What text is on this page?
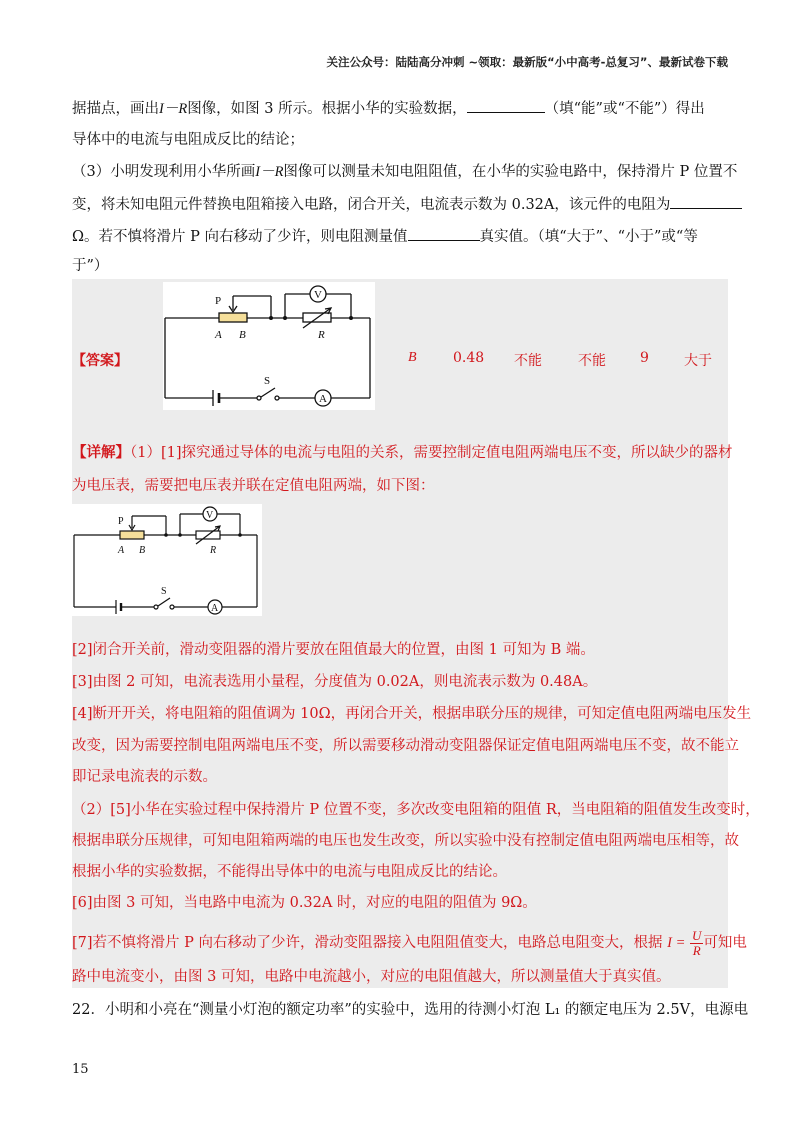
关注公众号：陆陆高分冲刺 ~领取：最新版“小中高考-总复习”、最新试卷下载
据描点，画出I－R图像，如图 3 所示。根据小华的实验数据，	（填“能”或“不能”）得出
导体中的电流与电阻成反比的结论；
（3）小明发现利用小华所画I－R图像可以测量未知电阻阻值，在小华的实验电路中，保持滑片 P 位置不
变，将未知电阻元件替换电阻箱接入电路，闭合开关，电流表示数为 0.32A，该元件的电阻为
Ω。若不慎将滑片 P 向右移动了少许，则电阻测量值	真实值。（填“大于”、“小于”或“等
于”）
P
A B	R
V
S
A
【答案】	B	0.48 不能	不能 9	大于
【详解】（1）[1]探究通过导体的电流与电阻的关系，需要控制定值电阻两端电压不变，所以缺少的器材
为电压表，需要把电压表并联在定值电阻两端，如下图：
P
A B	R
V
S
A
[2]闭合开关前，滑动变阻器的滑片要放在阻值最大的位置，由图 1 可知为 B 端。
[3]由图 2 可知，电流表选用小量程，分度值为 0.02A，则电流表示数为 0.48A。
[4]断开开关，将电阻箱的阻值调为 10Ω，再闭合开关，根据串联分压的规律，可知定值电阻两端电压发生
改变，因为需要控制电阻两端电压不变，所以需要移动滑动变阻器保证定值电阻两端电压不变，故不能立
即记录电流表的示数。
（2）[5]小华在实验过程中保持滑片 P 位置不变，多次改变电阻箱的阻值 R，当电阻箱的阻值发生改变时，
根据串联分压规律，可知电阻箱两端的电压也发生改变，所以实验中没有控制定值电阻两端电压相等，故
根据小华的实验数据，不能得出导体中的电流与电阻成反比的结论。
[6]由图 3 可知，当电路中电流为 0.32A 时，对应的电阻的阻值为 9Ω。
[7]若不慎将滑片 P 向右移动了少许，滑动变阻器接入电阻阻值变大，电路总电阻变大，根据 $I = \frac{U}{R}$ 可知电
路中电流变小，由图 3 可知，电路中电流越小，对应的电阻值越大，所以测量值大于真实值。
22．小明和小亮在“测量小灯泡的额定功率”的实验中，选用的待测小灯泡 L₁ 的额定电压为 2.5V，电源电
15
